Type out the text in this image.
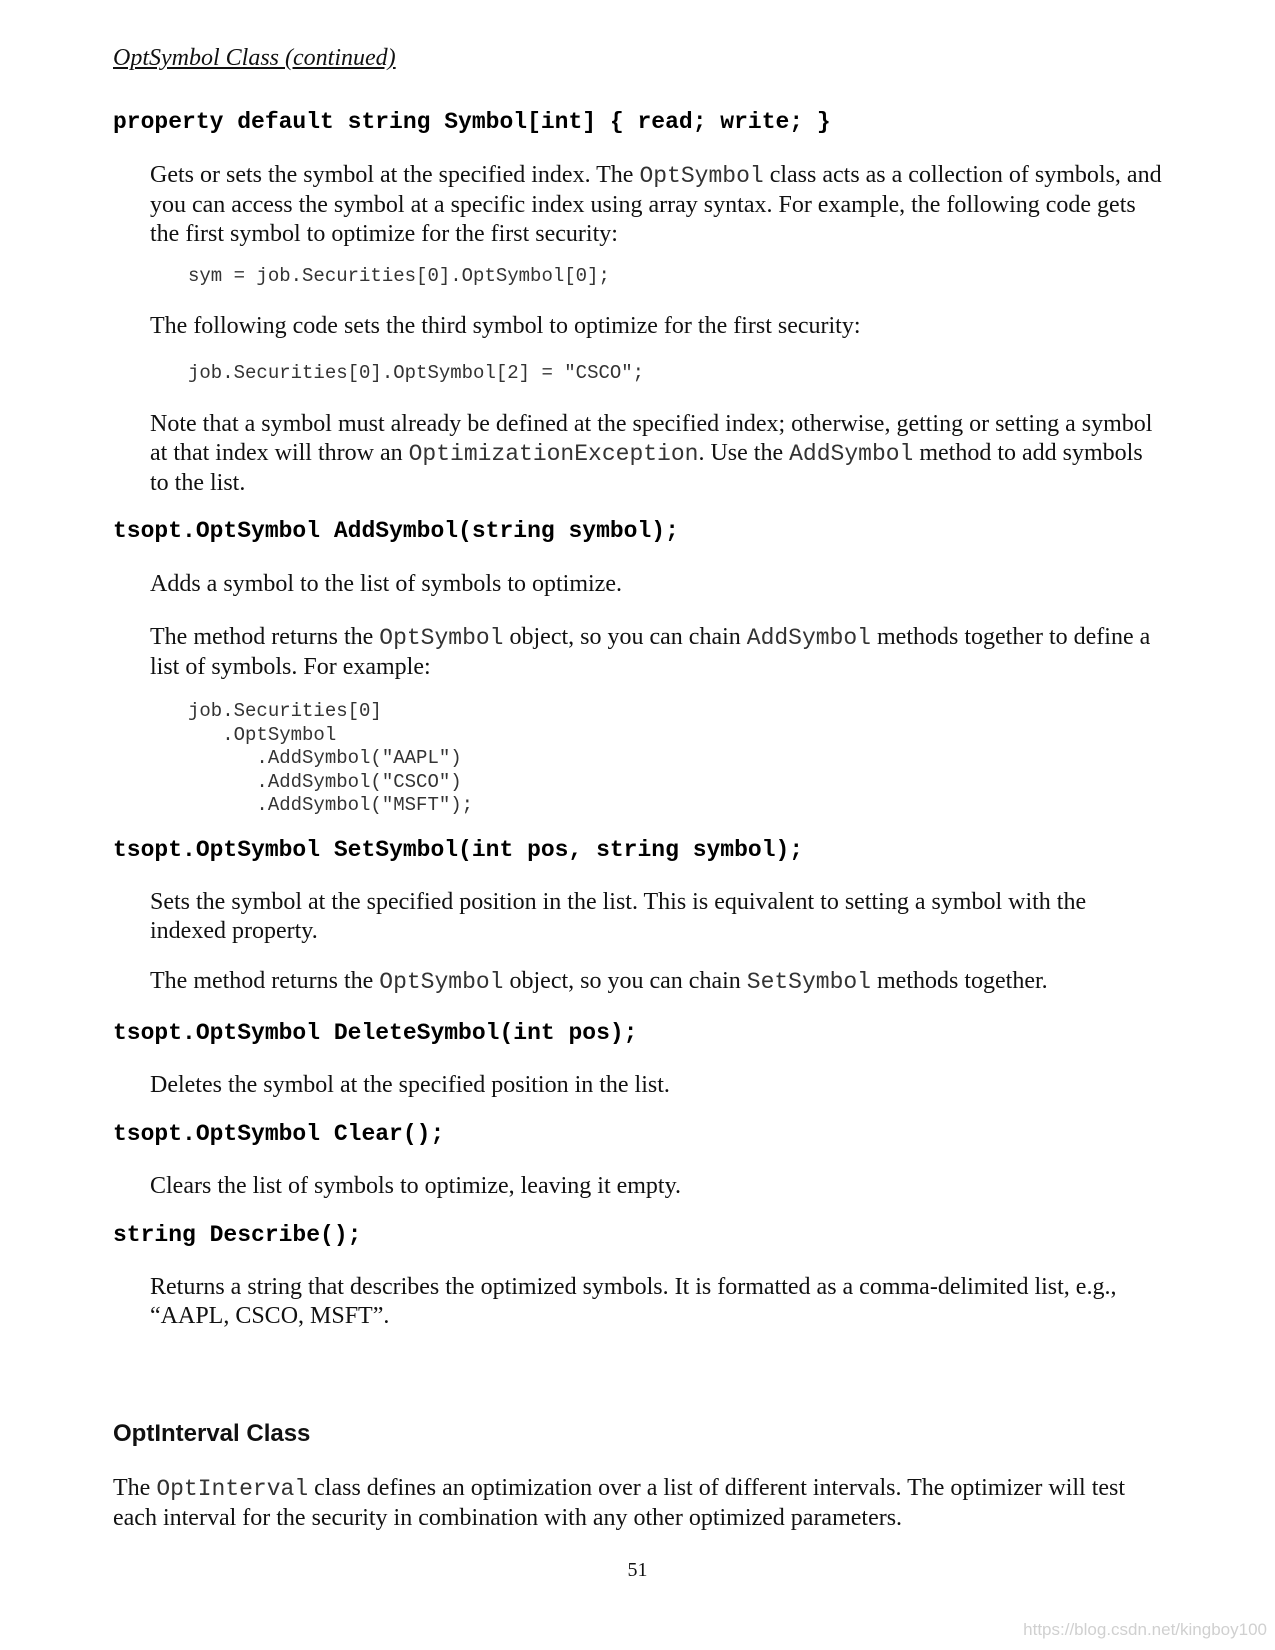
OptSymbol Class (continued)
property default string Symbol[int] { read; write; }
Gets or sets the symbol at the specified index. The OptSymbol class acts as a collection of symbols, and you can access the symbol at a specific index using array syntax. For example, the following code gets the first symbol to optimize for the first security:
sym = job.Securities[0].OptSymbol[0];
The following code sets the third symbol to optimize for the first security:
job.Securities[0].OptSymbol[2] = "CSCO";
Note that a symbol must already be defined at the specified index; otherwise, getting or setting a symbol at that index will throw an OptimizationException. Use the AddSymbol method to add symbols to the list.
tsopt.OptSymbol AddSymbol(string symbol);
Adds a symbol to the list of symbols to optimize.
The method returns the OptSymbol object, so you can chain AddSymbol methods together to define a list of symbols. For example:
job.Securities[0]
.OptSymbol
.AddSymbol("AAPL")
.AddSymbol("CSCO")
.AddSymbol("MSFT");
tsopt.OptSymbol SetSymbol(int pos, string symbol);
Sets the symbol at the specified position in the list. This is equivalent to setting a symbol with the indexed property.
The method returns the OptSymbol object, so you can chain SetSymbol methods together.
tsopt.OptSymbol DeleteSymbol(int pos);
Deletes the symbol at the specified position in the list.
tsopt.OptSymbol Clear();
Clears the list of symbols to optimize, leaving it empty.
string Describe();
Returns a string that describes the optimized symbols. It is formatted as a comma-delimited list, e.g., “AAPL, CSCO, MSFT”.
OptInterval Class
The OptInterval class defines an optimization over a list of different intervals. The optimizer will test each interval for the security in combination with any other optimized parameters.
51
https://blog.csdn.net/kingboy100
